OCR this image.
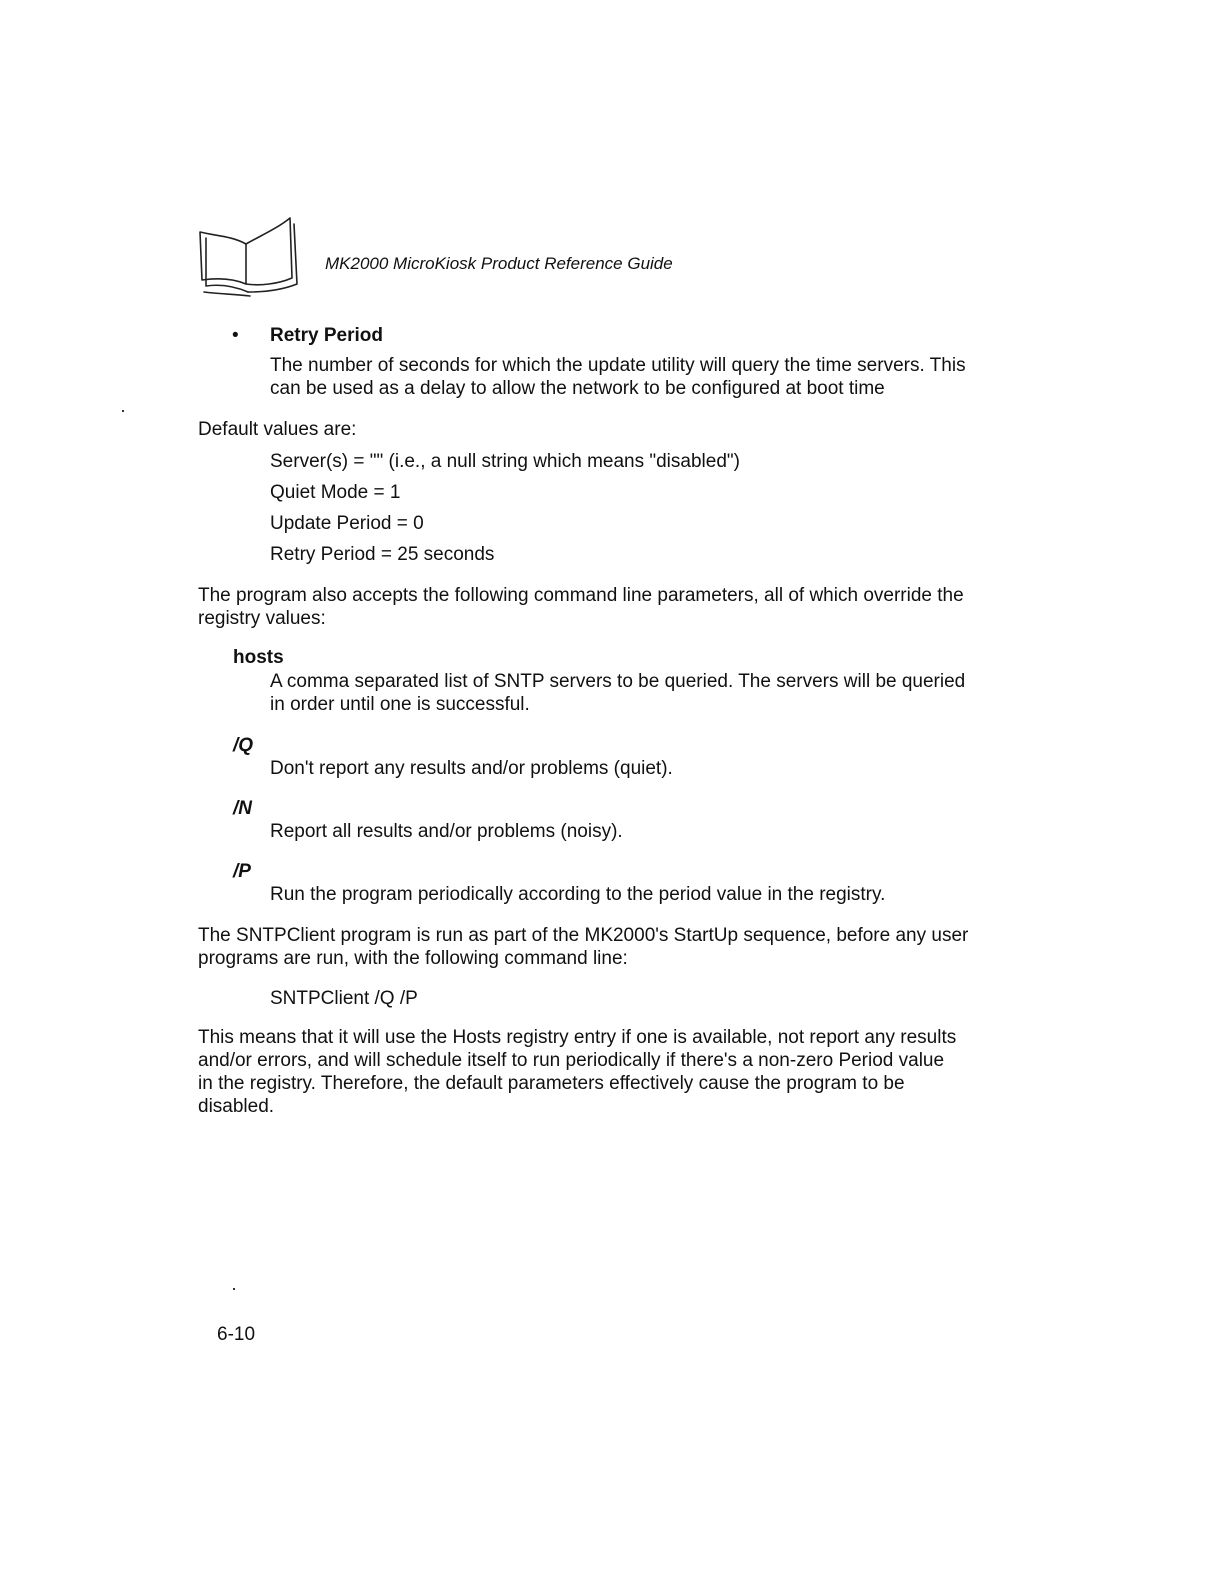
MK2000 MicroKiosk Product Reference Guide
• Retry Period
The number of seconds for which the update utility will query the time servers. This
can be used as a delay to allow the network to be configured at boot time
Default values are:
Server(s) = "" (i.e., a null string which means "disabled")
Quiet Mode = 1
Update Period = 0
Retry Period = 25 seconds
The program also accepts the following command line parameters, all of which override the
registry values:
hosts
A comma separated list of SNTP servers to be queried. The servers will be queried
in order until one is successful.
/Q
Don't report any results and/or problems (quiet).
/N
Report all results and/or problems (noisy).
/P
Run the program periodically according to the period value in the registry.
The SNTPClient program is run as part of the MK2000's StartUp sequence, before any user
programs are run, with the following command line:
SNTPClient /Q /P
This means that it will use the Hosts registry entry if one is available, not report any results
and/or errors, and will schedule itself to run periodically if there's a non-zero Period value
in the registry. Therefore, the default parameters effectively cause the program to be
disabled.
6-10
